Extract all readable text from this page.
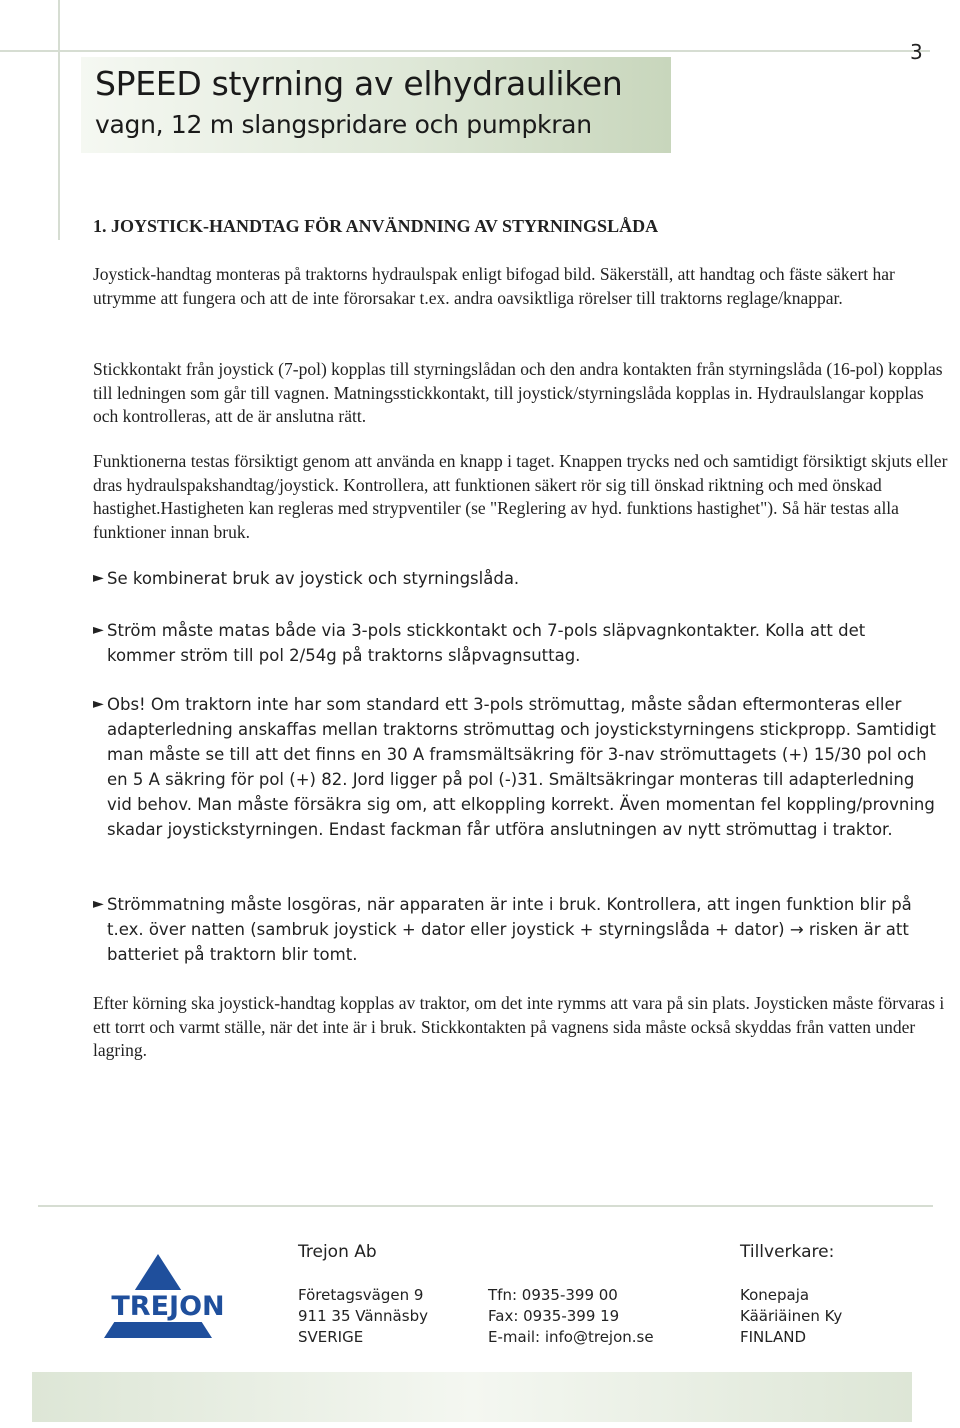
3
SPEED styrning av elhydrauliken
vagn, 12 m slangspridare och pumpkran
1. JOYSTICK-HANDTAG FÖR ANVÄNDNING AV STYRNINGSLÅDA
Joystick-handtag monteras på traktorns hydraulspak enligt bifogad bild. Säkerställ, att handtag och fäste säkert har utrymme att fungera och att de inte förorsakar t.ex. andra oavsiktliga rörelser till traktorns reglage/knappar.
Stickkontakt från joystick (7-pol) kopplas till styrningslådan och den andra kontakten från styrningslåda (16-pol) kopplas till ledningen som går till vagnen. Matningsstickkontakt, till joystick/styrningslåda kopplas in. Hydraulslangar kopplas och kontrolleras, att de är anslutna rätt.
Funktionerna testas försiktigt genom att använda en knapp i taget. Knappen trycks ned och samtidigt försiktigt skjuts eller dras hydraulspakshandtag/joystick. Kontrollera, att funktionen säkert rör sig till önskad riktning och med önskad hastighet.Hastigheten kan regleras med strypventiler (se "Reglering av hyd. funktions hastighet"). Så här testas alla funktioner innan bruk.
► Se kombinerat bruk av joystick och styrningslåda.
► Ström måste matas både via 3-pols stickkontakt och 7-pols släpvagnkontakter. Kolla att det kommer ström till pol 2/54g på traktorns slåpvagnsuttag.
► Obs! Om traktorn inte har som standard ett 3-pols strömuttag, måste sådan eftermonteras eller adapterledning anskaffas mellan traktorns strömuttag och joystickstyrningens stickpropp. Samtidigt man måste se till att det finns en 30 A framsmältsäkring för 3-nav strömuttagets (+) 15/30 pol och en 5 A säkring för pol (+) 82. Jord ligger på pol (-)31. Smältsäkringar monteras till adapterledning vid behov. Man måste försäkra sig om, att elkoppling korrekt. Även momentan fel koppling/provning skadar joystickstyrningen. Endast fackman får utföra anslutningen av nytt strömuttag i traktor.
► Strömmatning måste losgöras, när apparaten är inte i bruk. Kontrollera, att ingen funktion blir på t.ex. över natten (sambruk joystick + dator eller joystick + styrningslåda + dator) → risken är att batteriet på traktorn blir tomt.
Efter körning ska joystick-handtag kopplas av traktor, om det inte rymms att vara på sin plats. Joysticken måste förvaras i ett torrt och varmt ställe, när det inte är i bruk. Stickkontakten på vagnens sida måste också skyddas från vatten under lagring.
TREJON
Trejon Ab	Tillverkare:
Företagsvägen 9
911 35 Vännäsby
SVERIGE
Tfn: 0935-399 00
Fax: 0935-399 19
E-mail: info@trejon.se
Konepaja
Kääriäinen Ky
FINLAND
